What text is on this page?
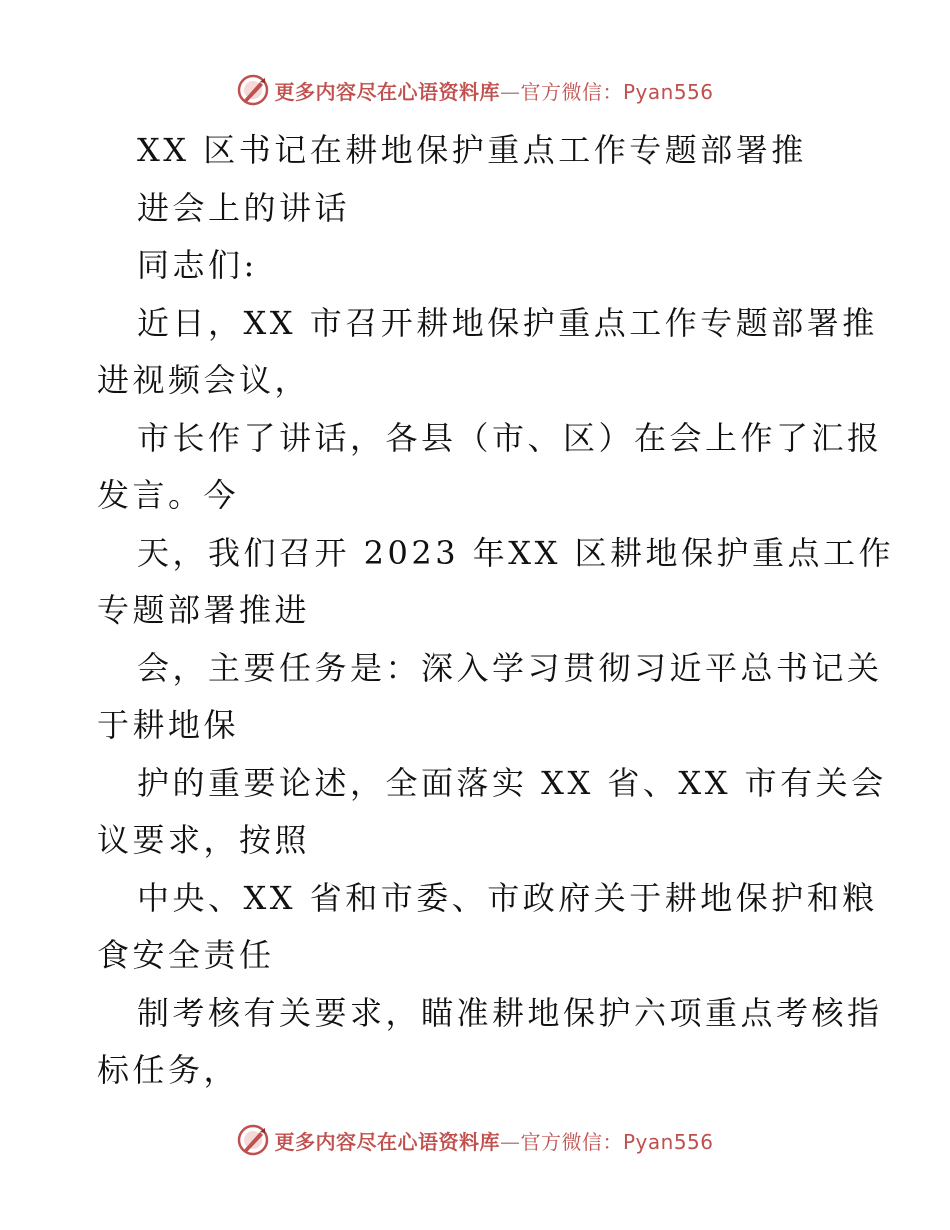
更多内容尽在心语资料库—官方微信：Pyan556
XX 区书记在耕地保护重点工作专题部署推
进会上的讲话
同志们:
近日，XX 市召开耕地保护重点工作专题部署推
进视频会议，
市长作了讲话，各县（市、区）在会上作了汇报
发言。今
天，我们召开 2023 年XX 区耕地保护重点工作
专题部署推进
会，主要任务是：深入学习贯彻习近平总书记关
于耕地保
护的重要论述，全面落实 XX 省、XX 市有关会
议要求，按照
中央、XX 省和市委、市政府关于耕地保护和粮
食安全责任
制考核有关要求，瞄准耕地保护六项重点考核指
标任务，
更多内容尽在心语资料库—官方微信：Pyan556
